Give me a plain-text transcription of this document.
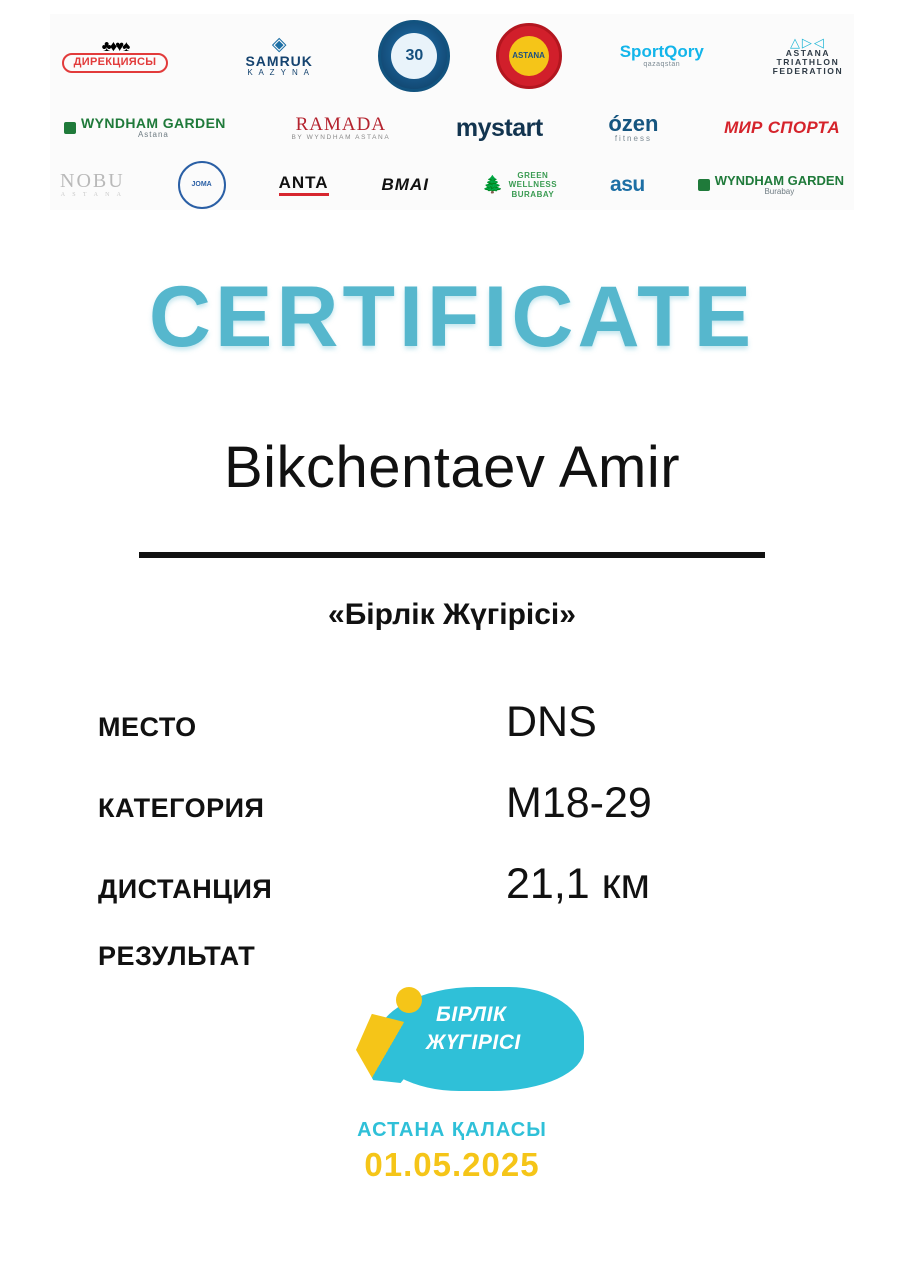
♣♦♥♠
ДИРЕКЦИЯСЫ
◈
SAMRUK
K A Z Y N A
30	ASTANA	SportQory
qazaqstan
△▷◁
ASTANA
TRIATHLON
FEDERATION
WYNDHAM GARDEN
Astana
RAMADA
BY WYNDHAM ASTANA	mystart	ózen
fitness
МИР СПОРТА
NOBU
A S T A N A
JOMA	ANTA	BMAI	🌲	GREEN
WELLNESS
BURABAY	asu	WYNDHAM GARDEN
Burabay
CERTIFICATE
Bikchentaev Amir
«Бірлік Жүгірісі»
МЕСТО	DNS
КАТЕГОРИЯ	M18-29
ДИСТАНЦИЯ	21,1 км
РЕЗУЛЬТАТ
БІРЛІК
ЖҮГІРІСІ
АСТАНА ҚАЛАСЫ
01.05.2025
